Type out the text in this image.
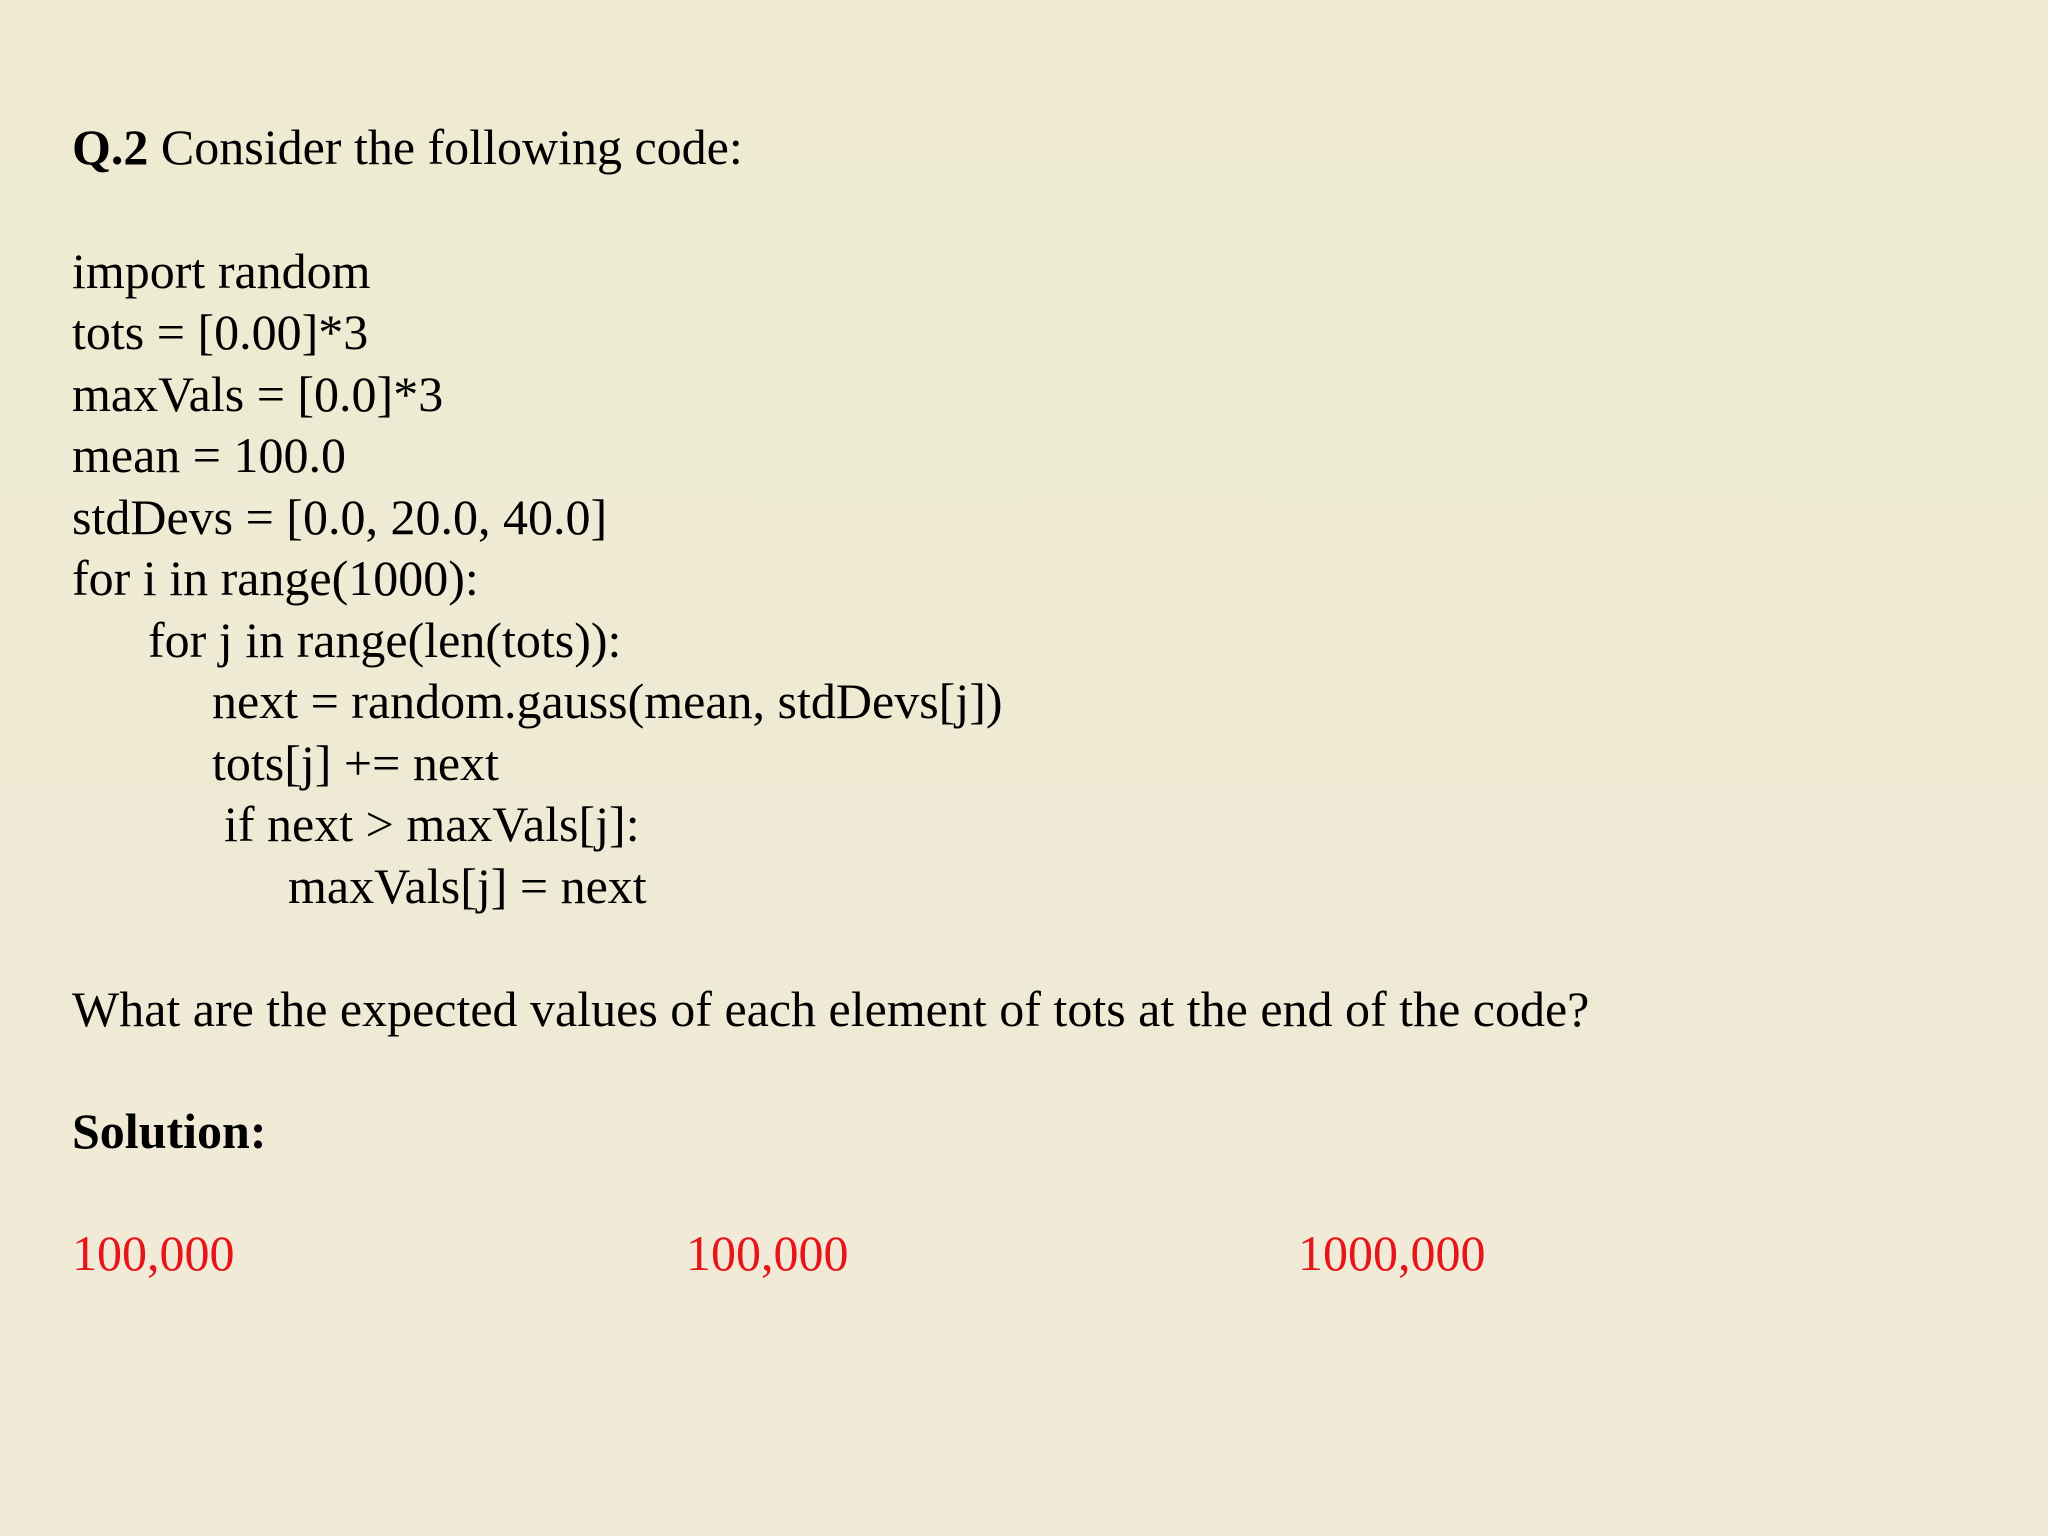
Q.2 Consider the following code:
import random
tots = [0.00]*3
maxVals = [0.0]*3
mean = 100.0
stdDevs = [0.0, 20.0, 40.0]
for i in range(1000):
for j in range(len(tots)):
next = random.gauss(mean, stdDevs[j])
tots[j] += next
if next > maxVals[j]:
maxVals[j] = next
What are the expected values of each element of tots at the end of the code?
Solution:
100,000	100,000	1000,000
